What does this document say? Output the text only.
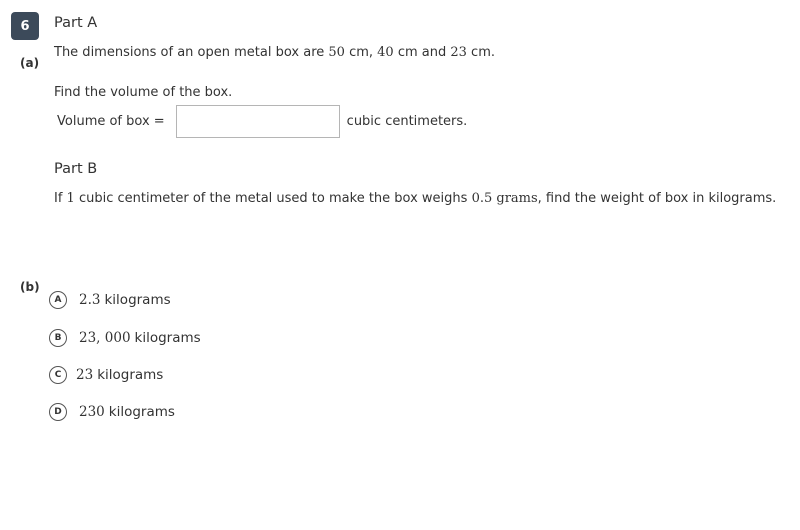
6	Part A
The dimensions of an open metal box are 50 cm, 40 cm and 23 cm.
(a)
Find the volume of the box.
Volume of box =	cubic centimeters.
Part B
If 1 cubic centimeter of the metal used to make the box weighs 0.5 grams, find the weight of box in kilograms.
(b)
A	2.3 kilograms
B	23, 000 kilograms
C	23 kilograms
D	230 kilograms
